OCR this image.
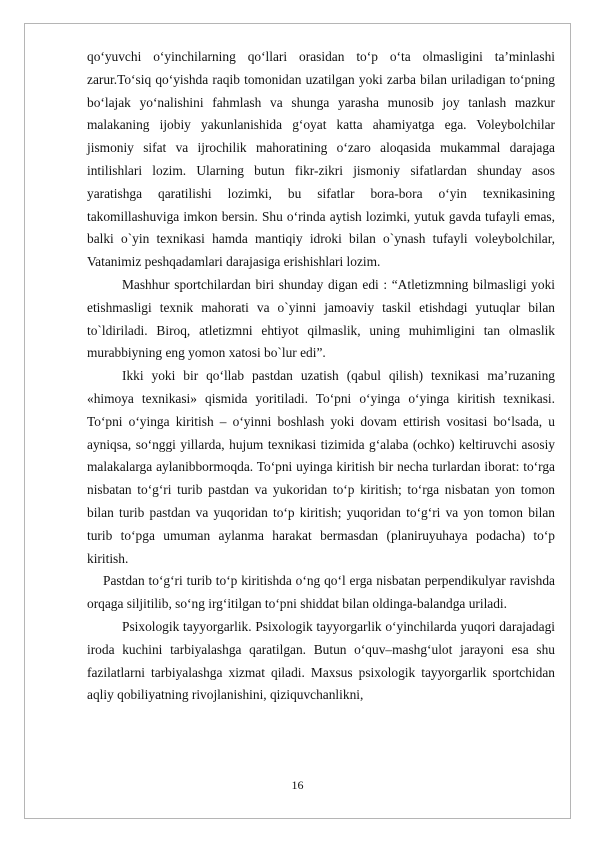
qo‘yuvchi o‘yinchilarning qo‘llari orasidan to‘p o‘ta olmasligini ta’minlashi zarur.To‘siq qo‘yishda raqib tomonidan uzatilgan yoki zarba bilan uriladigan to‘pning bo‘lajak yo‘nalishini fahmlash va shunga yarasha munosib joy tanlash mazkur malakaning ijobiy yakunlanishida g‘oyat katta ahamiyatga ega. Voleybolchilar jismoniy sifat va ijrochilik mahoratining o‘zaro aloqasida mukammal darajaga intilishlari lozim. Ularning butun fikr-zikri jismoniy sifatlardan shunday asos yaratishga qaratilishi lozimki, bu sifatlar bora-bora o‘yin texnikasining takomillashuviga imkon bersin. Shu o‘rinda aytish lozimki, yutuk gavda tufayli emas, balki o`yin texnikasi hamda mantiqiy idroki bilan o`ynash tufayli voleybolchilar, Vatanimiz peshqadamlari darajasiga erishishlari lozim.

Mashhur sportchilardan biri shunday digan edi : “Atletizmning bilmasligi yoki etishmasligi texnik mahorati va o`yinni jamoaviy taskil etishdagi yutuqlar bilan to`ldiriladi. Biroq, atletizmni ehtiyot qilmaslik, uning muhimligini tan olmaslik murabbiyning eng yomon xatosi bo`lur edi”.

Ikki yoki bir qo‘llab pastdan uzatish (qabul qilish) texnikasi ma’ruzaning «himoya texnikasi» qismida yoritiladi. To‘pni o‘yinga o‘yinga kiritish texnikasi. To‘pni o‘yinga kiritish – o‘yinni boshlash yoki dovam ettirish vositasi bo‘lsada, u ayniqsa, so‘nggi yillarda, hujum texnikasi tizimida g‘alaba (ochko) keltiruvchi asosiy malakalarga aylanibbormoqda. To‘pni uyinga kiritish bir necha turlardan iborat: to‘rga nisbatan to‘g‘ri turib pastdan va yukoridan to‘p kiritish; to‘rga nisbatan yon tomon bilan turib pastdan va yuqoridan to‘p kiritish; yuqoridan to‘g‘ri va yon tomon bilan turib to‘pga umuman aylanma harakat bermasdan (planiruyuhaya podacha) to‘p kiritish.

Pastdan to‘g‘ri turib to‘p kiritishda o‘ng qo‘l erga nisbatan perpendikulyar ravishda orqaga siljitilib, so‘ng irg‘itilgan to‘pni shiddat bilan oldinga-balandga uriladi.

Psixologik tayyorgarlik. Psixologik tayyorgarlik o‘yinchilarda yuqori darajadagi iroda kuchini tarbiyalashga qaratilgan. Butun o‘quv–mashg‘ulot jarayoni esa shu fazilatlarni tarbiyalashga xizmat qiladi. Maxsus psixologik tayyorgarlik sportchidan aqliy qobiliyatning rivojlanishini, qiziquvchanlikni,

16
